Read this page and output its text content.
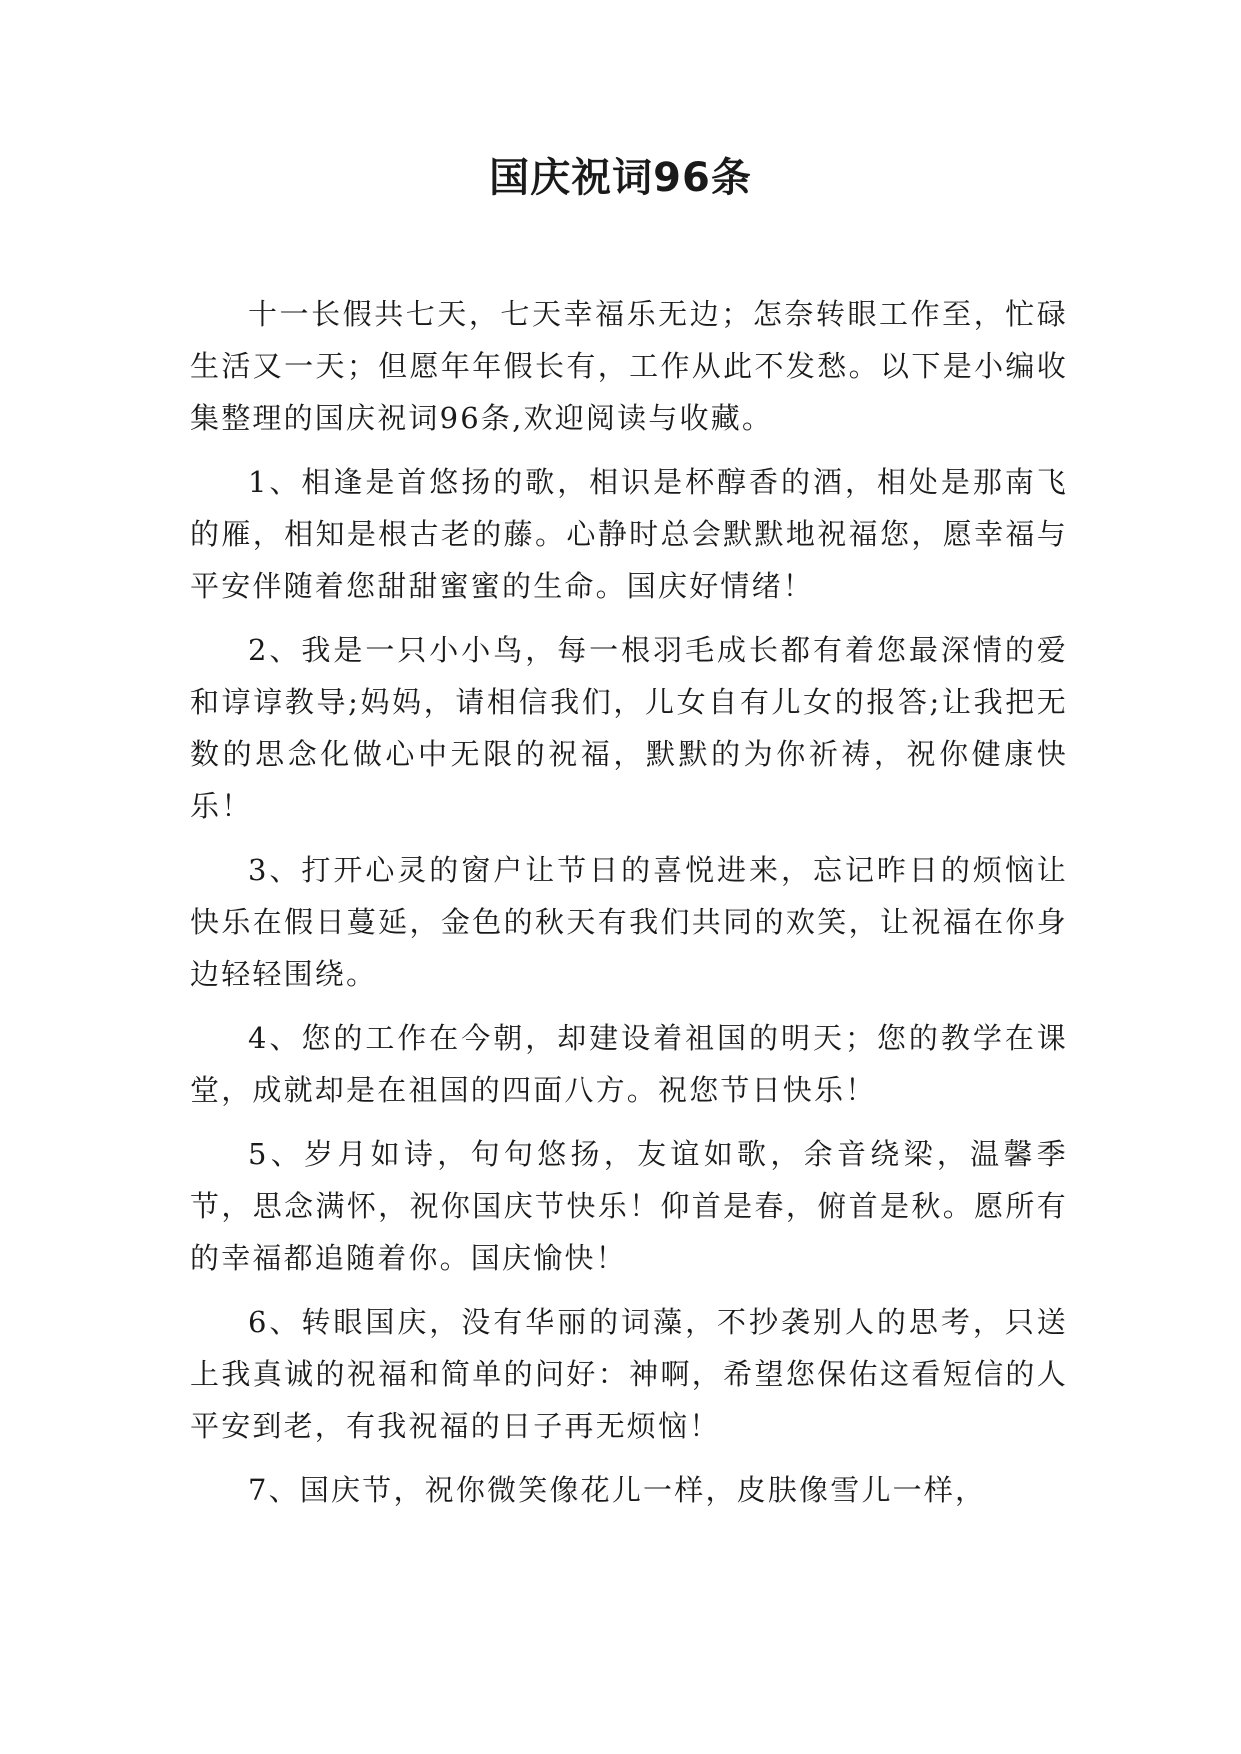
国庆祝词96条

十一长假共七天，七天幸福乐无边；怎奈转眼工作至，忙碌生活又一天；但愿年年假长有，工作从此不发愁。以下是小编收集整理的国庆祝词96条,欢迎阅读与收藏。

1、相逢是首悠扬的歌，相识是杯醇香的酒，相处是那南飞的雁，相知是根古老的藤。心静时总会默默地祝福您，愿幸福与平安伴随着您甜甜蜜蜜的生命。国庆好情绪！

2、我是一只小小鸟，每一根羽毛成长都有着您最深情的爱和谆谆教导;妈妈，请相信我们，儿女自有儿女的报答;让我把无数的思念化做心中无限的祝福，默默的为你祈祷，祝你健康快乐！

3、打开心灵的窗户让节日的喜悦进来，忘记昨日的烦恼让快乐在假日蔓延，金色的秋天有我们共同的欢笑，让祝福在你身边轻轻围绕。

4、您的工作在今朝，却建设着祖国的明天；您的教学在课堂，成就却是在祖国的四面八方。祝您节日快乐！

5、岁月如诗，句句悠扬，友谊如歌，余音绕梁，温馨季节，思念满怀，祝你国庆节快乐！仰首是春，俯首是秋。愿所有的幸福都追随着你。国庆愉快！

6、转眼国庆，没有华丽的词藻，不抄袭别人的思考，只送上我真诚的祝福和简单的问好：神啊，希望您保佑这看短信的人平安到老，有我祝福的日子再无烦恼！

7、国庆节，祝你微笑像花儿一样，皮肤像雪儿一样，
